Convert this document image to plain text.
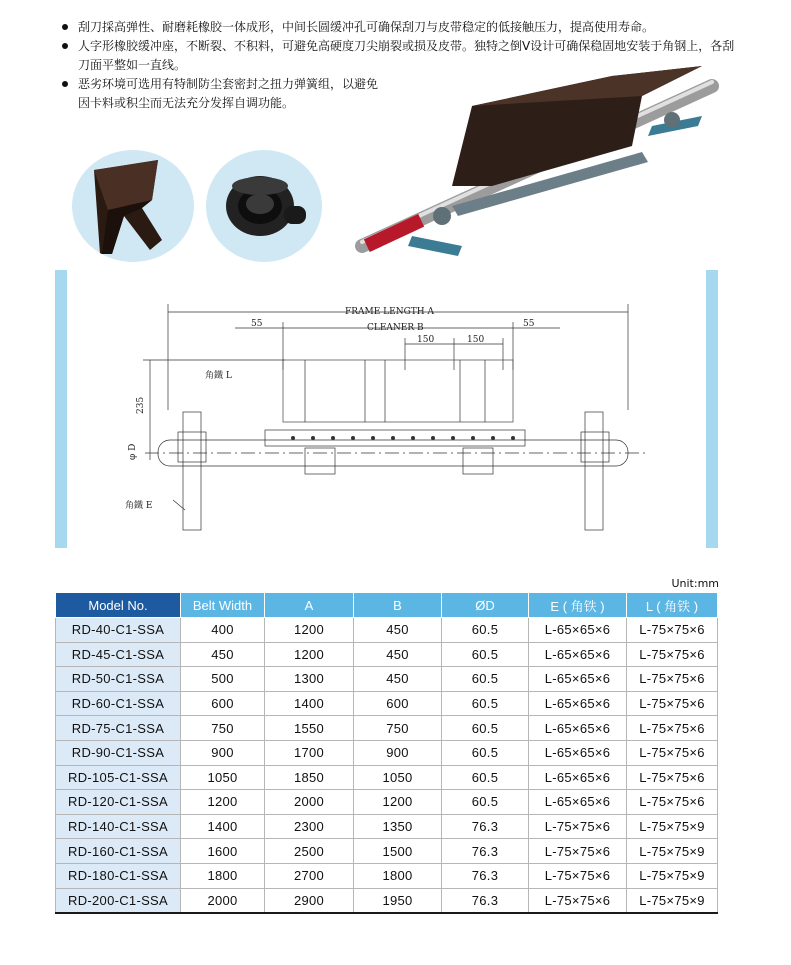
刮刀採高弹性、耐磨耗橡胶一体成形，中间长圆缓冲孔可确保刮刀与皮带稳定的低接触压力，提高使用寿命。
人字形橡胶缓冲座，不断裂、不积料，可避免高硬度刀尖崩裂或损及皮带。独特之倒V设计可确保稳固地安装于角钢上，各刮刀面平整如一直线。
恶劣环境可选用有特制防尘套密封之扭力弹簧组，以避免因卡料或积尘而无法充分发挥自调功能。
FRAME LENGTH A
CLEANER B
55	55
150	150
235
φ D
角鐵 L
角鐵 E
Unit:mm
Model No.	Belt Width	A	B	ØD	E ( 角铁 )	L ( 角铁 )
RD-40-C1-SSA	400	1200	450	60.5	L-65×65×6	L-75×75×6
RD-45-C1-SSA	450	1200	450	60.5	L-65×65×6	L-75×75×6
RD-50-C1-SSA	500	1300	450	60.5	L-65×65×6	L-75×75×6
RD-60-C1-SSA	600	1400	600	60.5	L-65×65×6	L-75×75×6
RD-75-C1-SSA	750	1550	750	60.5	L-65×65×6	L-75×75×6
RD-90-C1-SSA	900	1700	900	60.5	L-65×65×6	L-75×75×6
RD-105-C1-SSA	1050	1850	1050	60.5	L-65×65×6	L-75×75×6
RD-120-C1-SSA	1200	2000	1200	60.5	L-65×65×6	L-75×75×6
RD-140-C1-SSA	1400	2300	1350	76.3	L-75×75×6	L-75×75×9
RD-160-C1-SSA	1600	2500	1500	76.3	L-75×75×6	L-75×75×9
RD-180-C1-SSA	1800	2700	1800	76.3	L-75×75×6	L-75×75×9
RD-200-C1-SSA	2000	2900	1950	76.3	L-75×75×6	L-75×75×9
